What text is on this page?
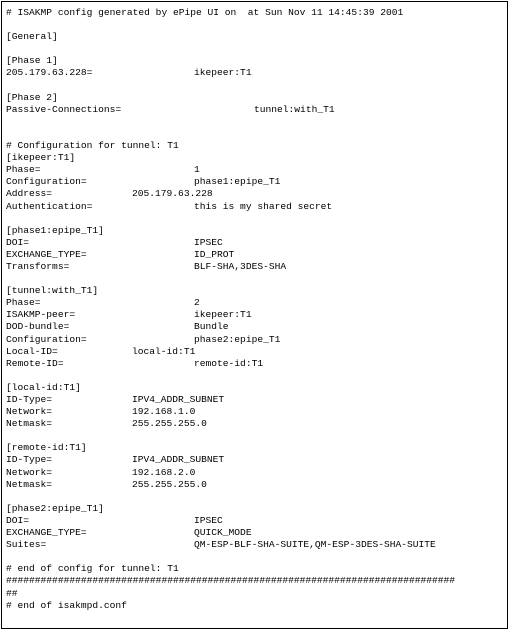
# ISAKMP config generated by ePipe UI on  at Sun Nov 11 14:45:39 2001
[General]
[Phase 1]
205.179.63.228=	ikepeer:T1
[Phase 2]
Passive-Connections=	tunnel:with_T1
# Configuration for tunnel: T1
[ikepeer:T1]
Phase=	1
Configuration=	phase1:epipe_T1
Address=	205.179.63.228
Authentication=	this is my shared secret
[phase1:epipe_T1]
DOI=	IPSEC
EXCHANGE_TYPE=	ID_PROT
Transforms=	BLF-SHA,3DES-SHA
[tunnel:with_T1]
Phase=	2
ISAKMP-peer=	ikepeer:T1
DOD-bundle=	Bundle
Configuration=	phase2:epipe_T1
Local-ID=	local-id:T1
Remote-ID=	remote-id:T1
[local-id:T1]
ID-Type=	IPV4_ADDR_SUBNET
Network=	192.168.1.0
Netmask=	255.255.255.0
[remote-id:T1]
ID-Type=	IPV4_ADDR_SUBNET
Network=	192.168.2.0
Netmask=	255.255.255.0
[phase2:epipe_T1]
DOI=	IPSEC
EXCHANGE_TYPE=	QUICK_MODE
Suites=	QM-ESP-BLF-SHA-SUITE,QM-ESP-3DES-SHA-SUITE
# end of config for tunnel: T1
##############################################################################
##
# end of isakmpd.conf
